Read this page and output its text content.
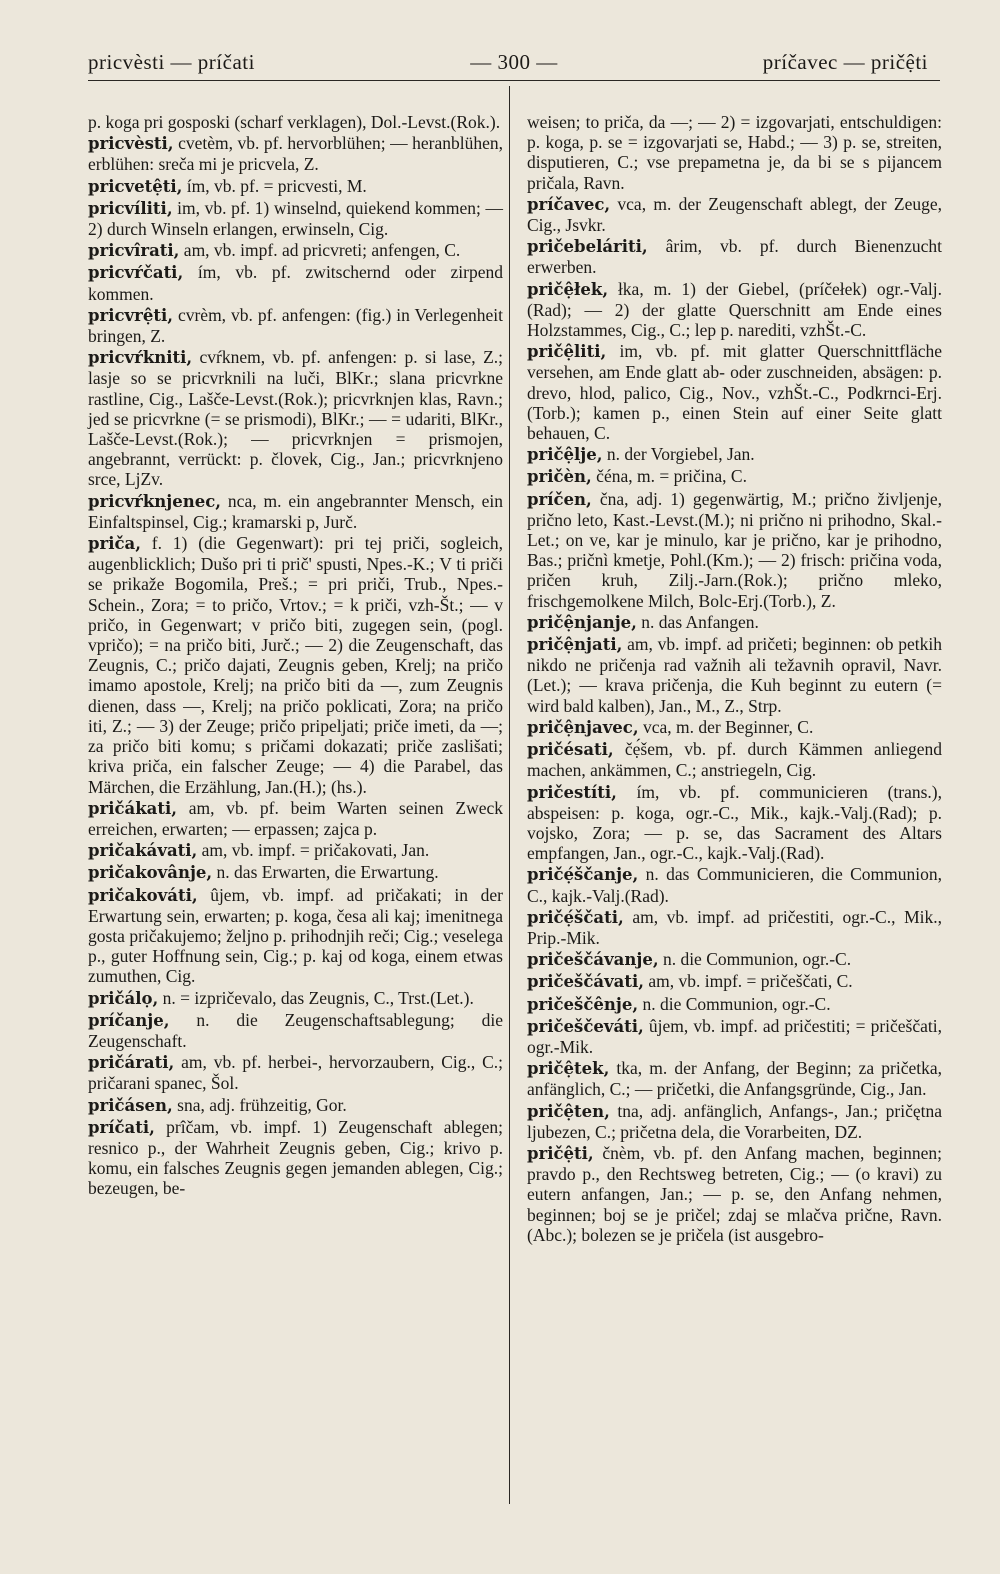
pricvèsti — príčati	— 300 —	príčavec — pričệti

p. koga pri gosposki (scharf verklagen), Dol.-Levst.(Rok.).

pricvèsti, cvetèm, vb. pf. hervorblühen; — heranblühen, erblühen: sreča mi je pricvela, Z.

pricvetệti, ím, vb. pf. = pricvesti, M.

pricvíliti, im, vb. pf. 1) winselnd, quiekend kommen; — 2) durch Winseln erlangen, erwinseln, Cig.

pricvîrati, am, vb. impf. ad pricvreti; anfengen, C.

pricvŕčati, ím, vb. pf. zwitschernd oder zirpend kommen.

pricvrệti, cvrèm, vb. pf. anfengen: (fig.) in Verlegenheit bringen, Z.

pricvŕkniti, cvŕknem, vb. pf. anfengen: p. si lase, Z.; lasje so se pricvrknili na luči, BlKr.; slana pricvrkne rastline, Cig., Lašče-Levst.(Rok.); pricvrknjen klas, Ravn.; jed se pricvrkne (= se prismodi), BlKr.; — = udariti, BlKr., Lašče-Levst.(Rok.); — pricvrknjen = prismojen, angebrannt, verrückt: p. človek, Cig., Jan.; pricvrknjeno srce, LjZv.

pricvŕknjenec, nca, m. ein angebrannter Mensch, ein Einfaltspinsel, Cig.; kramarski p, Jurč.

priča, f. 1) (die Gegenwart): pri tej priči, sogleich, augenblicklich; Dušo pri ti prič' spusti, Npes.-K.; V ti priči se prikaže Bogomila, Preš.; = pri priči, Trub., Npes.-Schein., Zora; = to pričo, Vrtov.; = k priči, vzh-Št.; — v pričo, in Gegenwart; v pričo biti, zugegen sein, (pogl. vpričo); = na pričo biti, Jurč.; — 2) die Zeugenschaft, das Zeugnis, C.; pričo dajati, Zeugnis geben, Krelj; na pričo imamo apostole, Krelj; na pričo biti da —, zum Zeugnis dienen, dass —, Krelj; na pričo poklicati, Zora; na pričo iti, Z.; — 3) der Zeuge; pričo pripeljati; priče imeti, da —; za pričo biti komu; s pričami dokazati; priče zaslišati; kriva priča, ein falscher Zeuge; — 4) die Parabel, das Märchen, die Erzählung, Jan.(H.); (hs.).

pričákati, am, vb. pf. beim Warten seinen Zweck erreichen, erwarten; — erpassen; zajca p.

pričakávati, am, vb. impf. = pričakovati, Jan.

pričakovânje, n. das Erwarten, die Erwartung.

pričakováti, ûjem, vb. impf. ad pričakati; in der Erwartung sein, erwarten; p. koga, česa ali kaj; imenitnega gosta pričakujemo; željno p. prihodnjih reči; Cig.; veselega p., guter Hoffnung sein, Cig.; p. kaj od koga, einem etwas zumuthen, Cig.

pričálọ, n. = izpričevalo, das Zeugnis, C., Trst.(Let.).

príčanje, n. die Zeugenschaftsablegung; die Zeugenschaft.

pričárati, am, vb. pf. herbei-, hervorzaubern, Cig., C.; pričarani spanec, Šol.

pričásen, sna, adj. frühzeitig, Gor.

príčati, prîčam, vb. impf. 1) Zeugenschaft ablegen; resnico p., der Wahrheit Zeugnis geben, Cig.; krivo p. komu, ein falsches Zeugnis gegen jemanden ablegen, Cig.; bezeugen, be-

weisen; to priča, da —; — 2) = izgovarjati, entschuldigen: p. koga, p. se = izgovarjati se, Habd.; — 3) p. se, streiten, disputieren, C.; vse prepametna je, da bi se s pijancem pričala, Ravn.

príčavec, vca, m. der Zeugenschaft ablegt, der Zeuge, Cig., Jsvkr.

pričebeláriti, ârim, vb. pf. durch Bienenzucht erwerben.

pričệłek, łka, m. 1) der Giebel, (príčełek) ogr.-Valj.(Rad); — 2) der glatte Querschnitt am Ende eines Holzstammes, Cig., C.; lep p. narediti, vzhŠt.-C.

pričệliti, im, vb. pf. mit glatter Querschnittfläche versehen, am Ende glatt ab- oder zuschneiden, absägen: p. drevo, hlod, palico, Cig., Nov., vzhŠt.-C., Podkrnci-Erj.(Torb.); kamen p., einen Stein auf einer Seite glatt behauen, C.

pričệlje, n. der Vorgiebel, Jan.

pričèn, čéna, m. = pričina, C.

príčen, čna, adj. 1) gegenwärtig, M.; prično življenje, prično leto, Kast.-Levst.(M.); ni prično ni prihodno, Skal.-Let.; on ve, kar je minulo, kar je prično, kar je prihodno, Bas.; pričnì kmetje, Pohl.(Km.); — 2) frisch: pričina voda, pričen kruh, Zilj.-Jarn.(Rok.); prično mleko, frischgemolkene Milch, Bolc-Erj.(Torb.), Z.

pričệnjanje, n. das Anfangen.

pričệnjati, am, vb. impf. ad pričeti; beginnen: ob petkih nikdo ne pričenja rad važnih ali težavnih opravil, Navr.(Let.); — krava pričenja, die Kuh beginnt zu eutern (= wird bald kalben), Jan., M., Z., Strp.

pričệnjavec, vca, m. der Beginner, C.

pričésati, čẹ́šem, vb. pf. durch Kämmen anliegend machen, ankämmen, C.; anstriegeln, Cig.

pričestíti, ím, vb. pf. communicieren (trans.), abspeisen: p. koga, ogr.-C., Mik., kajk.-Valj.(Rad); p. vojsko, Zora; — p. se, das Sacrament des Altars empfangen, Jan., ogr.-C., kajk.-Valj.(Rad).

pričẹ́ščanje, n. das Communicieren, die Communion, C., kajk.-Valj.(Rad).

pričẹ́ščati, am, vb. impf. ad pričestiti, ogr.-C., Mik., Prip.-Mik.

pričeščávanje, n. die Communion, ogr.-C.

pričeščávati, am, vb. impf. = pričeščati, C.

pričeščênje, n. die Communion, ogr.-C.

pričeščeváti, ûjem, vb. impf. ad pričestiti; = pričeščati, ogr.-Mik.

pričệtek, tka, m. der Anfang, der Beginn; za pričetka, anfänglich, C.; — pričetki, die Anfangsgründe, Cig., Jan.

pričệten, tna, adj. anfänglich, Anfangs-, Jan.; pričętna ljubezen, C.; pričetna dela, die Vorarbeiten, DZ.

pričệti, čnèm, vb. pf. den Anfang machen, beginnen; pravdo p., den Rechtsweg betreten, Cig.; — (o kravi) zu eutern anfangen, Jan.; — p. se, den Anfang nehmen, beginnen; boj se je pričel; zdaj se mlačva prične, Ravn.(Abc.); bolezen se je pričela (ist ausgebro-
